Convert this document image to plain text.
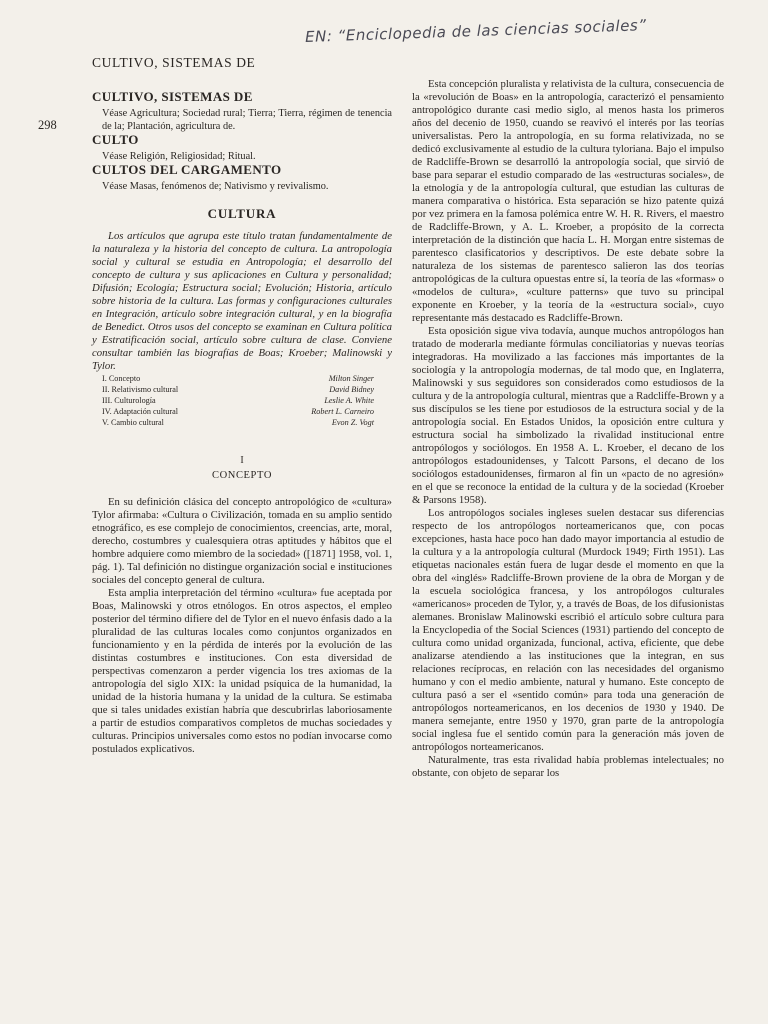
EN: “Enciclopedia de las ciencias sociales”
CULTIVO, SISTEMAS DE
298
CULTIVO, SISTEMAS DE

Véase Agricultura; Sociedad rural; Tierra; Tierra, régimen de tenencia de la; Plantación, agricultura de.

CULTO

Véase Religión, Religiosidad; Ritual.

CULTOS DEL CARGAMENTO

Véase Masas, fenómenos de; Nativismo y revivalismo.

CULTURA

Los artículos que agrupa este título tratan fundamentalmente de la naturaleza y la historia del concepto de cultura. La antropología social y cultural se estudia en Antropología; el desarrollo del concepto de cultura y sus aplicaciones en Cultura y personalidad; Difusión; Ecología; Estructura social; Evolución; Historia, artículo sobre historia de la cultura. Las formas y configuraciones culturales en Integración, artículo sobre integración cultural, y en la biografía de Benedict. Otros usos del concepto se examinan en Cultura política y Estratificación social, artículo sobre cultura de clase. Conviene consultar también las biografías de Boas; Kroeber; Malinowski y Tylor.

I. Concepto	Milton Singer
II. Relativismo cultural	David Bidney
III. Culturología	Leslie A. White
IV. Adaptación cultural	Robert L. Carneiro
V. Cambio cultural	Evon Z. Vogt
I
CONCEPTO

En su definición clásica del concepto antropológico de «cultura» Tylor afirmaba: «Cultura o Civilización, tomada en su amplio sentido etnográfico, es ese complejo de conocimientos, creencias, arte, moral, derecho, costumbres y cualesquiera otras aptitudes y hábitos que el hombre adquiere como miembro de la sociedad» ([1871] 1958, vol. 1, pág. 1). Tal definición no distingue organización social e instituciones sociales del concepto general de cultura.

Esta amplia interpretación del término «cultura» fue aceptada por Boas, Malinowski y otros etnólogos. En otros aspectos, el empleo posterior del término difiere del de Tylor en el nuevo énfasis dado a la pluralidad de las culturas locales como conjuntos organizados en funcionamiento y en la pérdida de interés por la evolución de las distintas costumbres e instituciones. Con esta diversidad de perspectivas comenzaron a perder vigencia los tres axiomas de la antropología del siglo XIX: la unidad psíquica de la humanidad, la unidad de la historia humana y la unidad de la cultura. Se estimaba que si tales unidades existían habría que descubrirlas laboriosamente a partir de estudios comparativos completos de muchas sociedades y culturas. Principios universales como estos no podían invocarse como postulados explicativos.

Esta concepción pluralista y relativista de la cultura, consecuencia de la «revolución de Boas» en la antropología, caracterizó el pensamiento antropológico durante casi medio siglo, al menos hasta los primeros años del decenio de 1950, cuando se reavivó el interés por las teorías universalistas. Pero la antropología, en su forma relativizada, no se dedicó exclusivamente al estudio de la cultura tyloriana. Bajo el impulso de Radcliffe-Brown se desarrolló la antropología social, que sirvió de base para separar el estudio comparado de las «estructuras sociales», de la etnología y de la antropología cultural, que estudian las culturas de manera comparativa o histórica. Esta separación se hizo patente quizá por vez primera en la famosa polémica entre W. H. R. Rivers, el maestro de Radcliffe-Brown, y A. L. Kroeber, a propósito de la correcta interpretación de la distinción que hacía L. H. Morgan entre sistemas de parentesco clasificatorios y descriptivos. De este debate sobre la naturaleza de los sistemas de parentesco salieron las dos teorías antropológicas de la cultura opuestas entre sí, la teoría de las «formas» o «modelos de cultura», «culture patterns» que tuvo su principal exponente en Kroeber, y la teoría de la «estructura social», cuyo representante más destacado es Radcliffe-Brown.

Esta oposición sigue viva todavía, aunque muchos antropólogos han tratado de moderarla mediante fórmulas conciliatorias y nuevas teorías integradoras. Ha movilizado a las facciones más importantes de la sociología y la antropología modernas, de tal modo que, en Inglaterra, Malinowski y sus seguidores son considerados como estudiosos de la cultura y de la antropología cultural, mientras que a Radcliffe-Brown y a sus discípulos se les tiene por estudiosos de la estructura social y de la antropología social. En Estados Unidos, la oposición entre cultura y estructura social ha simbolizado la rivalidad institucional entre antropólogos y sociólogos. En 1958 A. L. Kroeber, el decano de los antropólogos estadounidenses, y Talcott Parsons, el decano de los sociólogos estadounidenses, firmaron al fin un «pacto de no agresión» en el que se reconoce la entidad de la cultura y de la sociedad (Kroeber & Parsons 1958).

Los antropólogos sociales ingleses suelen destacar sus diferencias respecto de los antropólogos norteamericanos que, con pocas excepciones, hasta hace poco han dado mayor importancia al estudio de la cultura y a la antropología cultural (Murdock 1949; Firth 1951). Las etiquetas nacionales están fuera de lugar desde el momento en que la obra del «inglés» Radcliffe-Brown proviene de la obra de Morgan y de la escuela sociológica francesa, y los antropólogos culturales «americanos» proceden de Tylor, y, a través de Boas, de los difusionistas alemanes. Bronislaw Malinowski escribió el artículo sobre cultura para la Encyclopedia of the Social Sciences (1931) partiendo del concepto de cultura como unidad organizada, funcional, activa, eficiente, que debe analizarse atendiendo a las instituciones que la integran, en sus relaciones recíprocas, en relación con las necesidades del organismo humano y con el medio ambiente, natural y humano. Este concepto de cultura pasó a ser el «sentido común» para toda una generación de antropólogos norteamericanos, en los decenios de 1930 y 1940. De manera semejante, entre 1950 y 1970, gran parte de la antropología social inglesa fue el sentido común para la generación más joven de antropólogos norteamericanos.

Naturalmente, tras esta rivalidad había problemas intelectuales; no obstante, con objeto de separar los
